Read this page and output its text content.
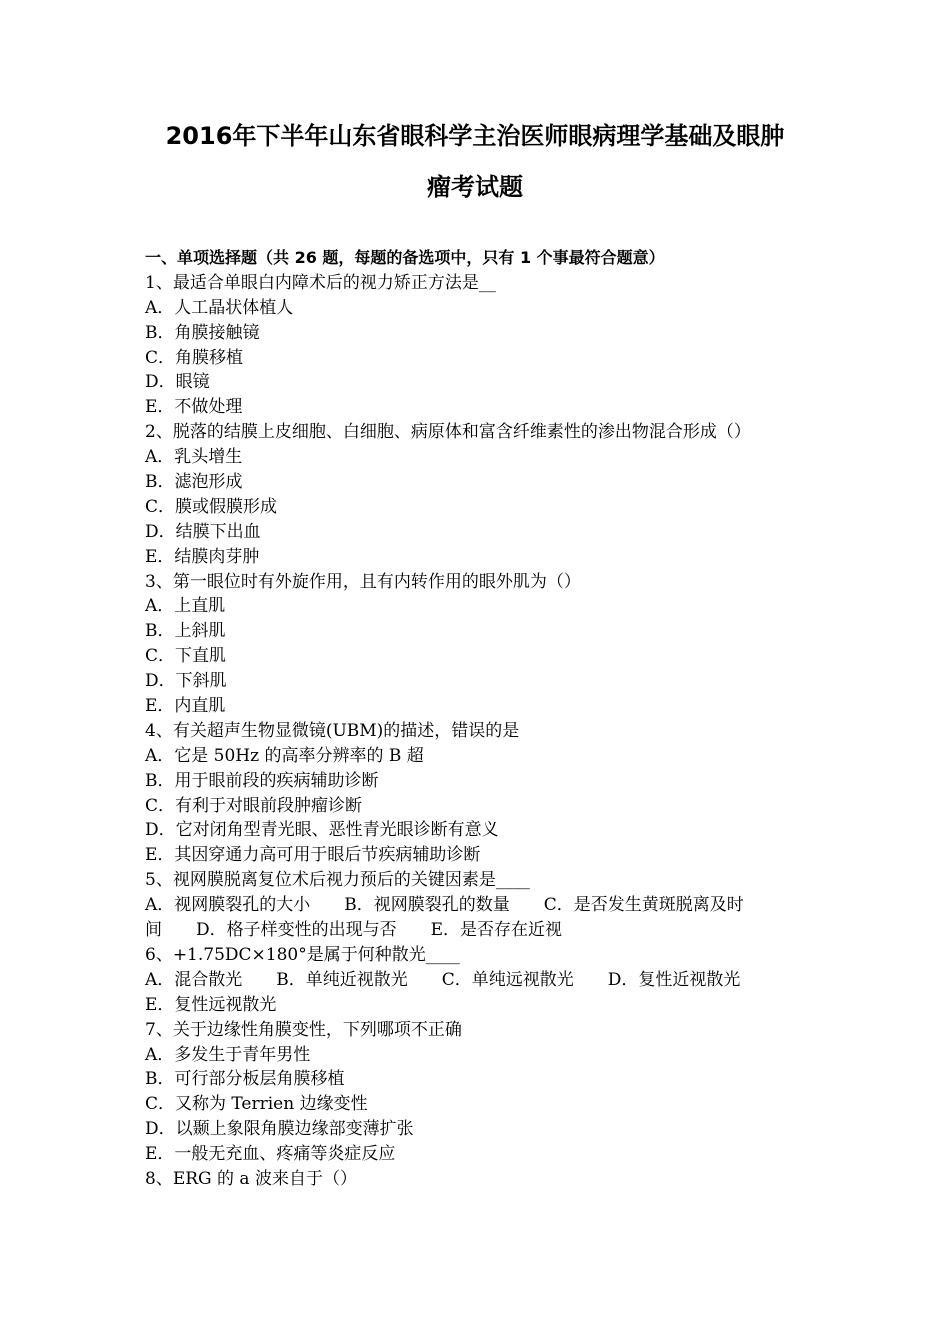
2016年下半年山东省眼科学主治医师眼病理学基础及眼肿
瘤考试题
一、单项选择题（共 26 题，每题的备选项中，只有 1 个事最符合题意）
1、最适合单眼白内障术后的视力矫正方法是__
A．人工晶状体植人
B．角膜接触镜
C．角膜移植
D．眼镜
E．不做处理
2、脱落的结膜上皮细胞、白细胞、病原体和富含纤维素性的渗出物混合形成（）
A．乳头增生
B．滤泡形成
C．膜或假膜形成
D．结膜下出血
E．结膜肉芽肿
3、第一眼位时有外旋作用，且有内转作用的眼外肌为（）
A．上直肌
B．上斜肌
C．下直肌
D．下斜肌
E．内直肌
4、有关超声生物显微镜(UBM)的描述，错误的是
A．它是 50Hz 的高率分辨率的 B 超
B．用于眼前段的疾病辅助诊断
C．有利于对眼前段肿瘤诊断
D．它对闭角型青光眼、恶性青光眼诊断有意义
E．其因穿通力高可用于眼后节疾病辅助诊断
5、视网膜脱离复位术后视力预后的关键因素是____
A．视网膜裂孔的大小 B．视网膜裂孔的数量 C．是否发生黄斑脱离及时
间 D．格子样变性的出现与否 E．是否存在近视
6、+1.75DC×180°是属于何种散光____
A．混合散光 B．单纯近视散光 C．单纯远视散光 D．复性近视散光
E．复性远视散光
7、关于边缘性角膜变性，下列哪项不正确
A．多发生于青年男性
B．可行部分板层角膜移植
C．又称为 Terrien 边缘变性
D．以颞上象限角膜边缘部变薄扩张
E．一般无充血、疼痛等炎症反应
8、ERG 的 a 波来自于（）
